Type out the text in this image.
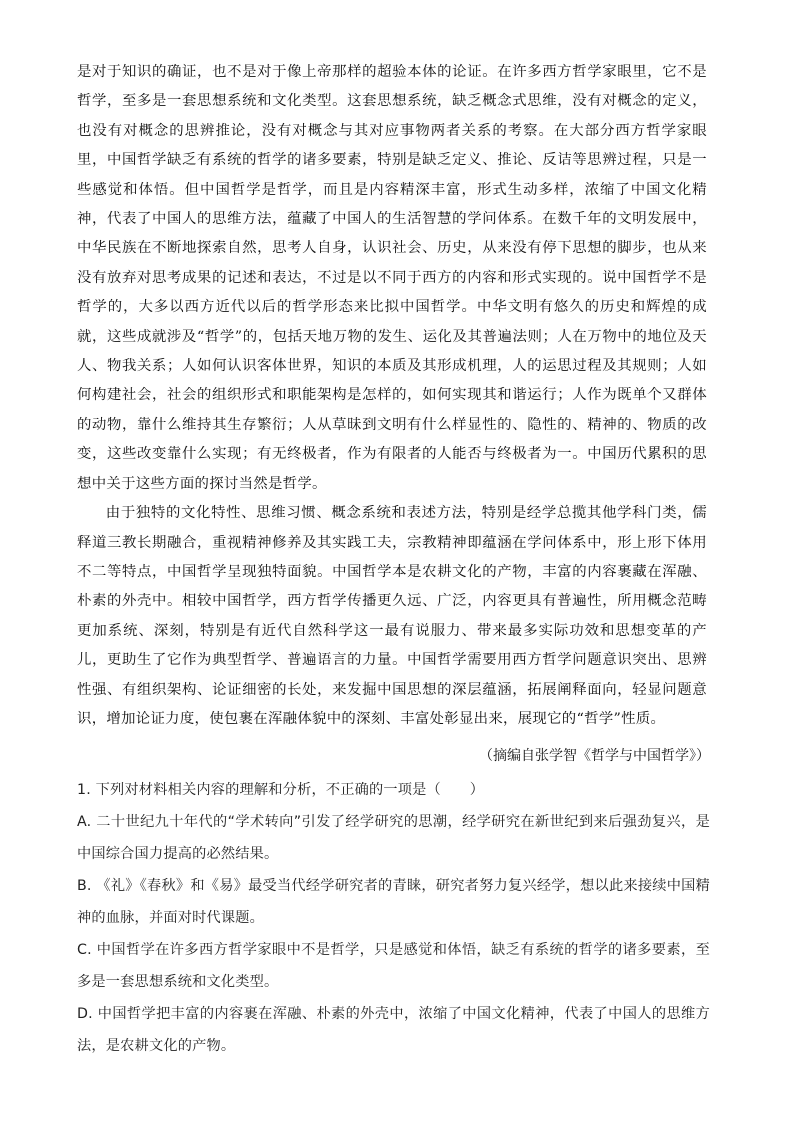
是对于知识的确证，也不是对于像上帝那样的超验本体的论证。在许多西方哲学家眼里，它不是哲学，至多是一套思想系统和文化类型。这套思想系统，缺乏概念式思维，没有对概念的定义，也没有对概念的思辨推论，没有对概念与其对应事物两者关系的考察。在大部分西方哲学家眼里，中国哲学缺乏有系统的哲学的诸多要素，特别是缺乏定义、推论、反诘等思辨过程，只是一些感觉和体悟。但中国哲学是哲学，而且是内容精深丰富，形式生动多样，浓缩了中国文化精神，代表了中国人的思维方法，蕴藏了中国人的生活智慧的学问体系。在数千年的文明发展中，中华民族在不断地探索自然，思考人自身，认识社会、历史，从来没有停下思想的脚步，也从来没有放弃对思考成果的记述和表达，不过是以不同于西方的内容和形式实现的。说中国哲学不是哲学的，大多以西方近代以后的哲学形态来比拟中国哲学。中华文明有悠久的历史和辉煌的成就，这些成就涉及“哲学”的，包括天地万物的发生、运化及其普遍法则；人在万物中的地位及天人、物我关系；人如何认识客体世界，知识的本质及其形成机理，人的运思过程及其规则；人如何构建社会，社会的组织形式和职能架构是怎样的，如何实现其和谐运行；人作为既单个又群体的动物，靠什么维持其生存繁衍；人从草昧到文明有什么样显性的、隐性的、精神的、物质的改变，这些改变靠什么实现；有无终极者，作为有限者的人能否与终极者为一。中国历代累积的思想中关于这些方面的探讨当然是哲学。

由于独特的文化特性、思维习惯、概念系统和表述方法，特别是经学总揽其他学科门类，儒释道三教长期融合，重视精神修养及其实践工夫，宗教精神即蕴涵在学问体系中，形上形下体用不二等特点，中国哲学呈现独特面貌。中国哲学本是农耕文化的产物，丰富的内容裹藏在浑融、朴素的外壳中。相较中国哲学，西方哲学传播更久远、广泛，内容更具有普遍性，所用概念范畴更加系统、深刻，特别是有近代自然科学这一最有说服力、带来最多实际功效和思想变革的产儿，更助生了它作为典型哲学、普遍语言的力量。中国哲学需要用西方哲学问题意识突出、思辨性强、有组织架构、论证细密的长处，来发掘中国思想的深层蕴涵，拓展阐释面向，轻显问题意识，增加论证力度，使包裹在浑融体貌中的深刻、丰富处彰显出来，展现它的“哲学”性质。

（摘编自张学智《哲学与中国哲学》）

1. 下列对材料相关内容的理解和分析，不正确的一项是（　　）

A. 二十世纪九十年代的“学术转向”引发了经学研究的思潮，经学研究在新世纪到来后强劲复兴，是中国综合国力提高的必然结果。

B. 《礼》《春秋》和《易》最受当代经学研究者的青睐，研究者努力复兴经学，想以此来接续中国精神的血脉，并面对时代课题。

C. 中国哲学在许多西方哲学家眼中不是哲学，只是感觉和体悟，缺乏有系统的哲学的诸多要素，至多是一套思想系统和文化类型。

D. 中国哲学把丰富的内容裹在浑融、朴素的外壳中，浓缩了中国文化精神，代表了中国人的思维方法，是农耕文化的产物。
